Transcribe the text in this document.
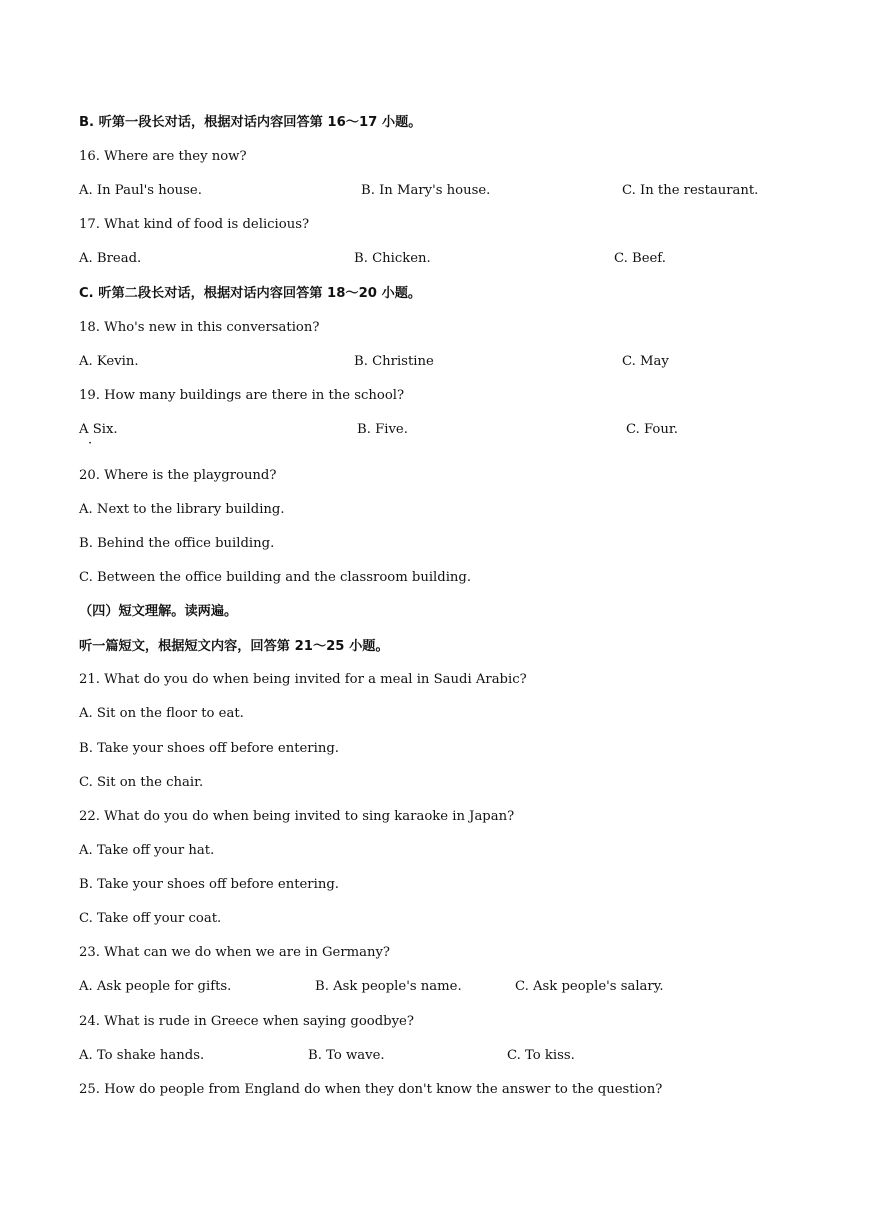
B. 听第一段长对话，根据对话内容回答第 16～17 小题。
16. Where are they now?
A. In Paul's house.	B. In Mary's house.	C. In the restaurant.
17. What kind of food is delicious?
A. Bread.	B. Chicken.	C. Beef.
C. 听第二段长对话，根据对话内容回答第 18～20 小题。
18. Who's new in this conversation?
A. Kevin.	B. Christine	C. May
19. How many buildings are there in the school?
A Six.
·
B. Five.	C. Four.
20. Where is the playground?
A. Next to the library building.
B. Behind the office building.
C. Between the office building and the classroom building.
（四）短文理解。读两遍。
听一篇短文，根据短文内容，回答第 21～25 小题。
21. What do you do when being invited for a meal in Saudi Arabic?
A. Sit on the floor to eat.
B. Take your shoes off before entering.
C. Sit on the chair.
22. What do you do when being invited to sing karaoke in Japan?
A. Take off your hat.
B. Take your shoes off before entering.
C. Take off your coat.
23. What can we do when we are in Germany?
A. Ask people for gifts.	B. Ask people's name.	C. Ask people's salary.
24. What is rude in Greece when saying goodbye?
A. To shake hands.	B. To wave.	C. To kiss.
25. How do people from England do when they don't know the answer to the question?
